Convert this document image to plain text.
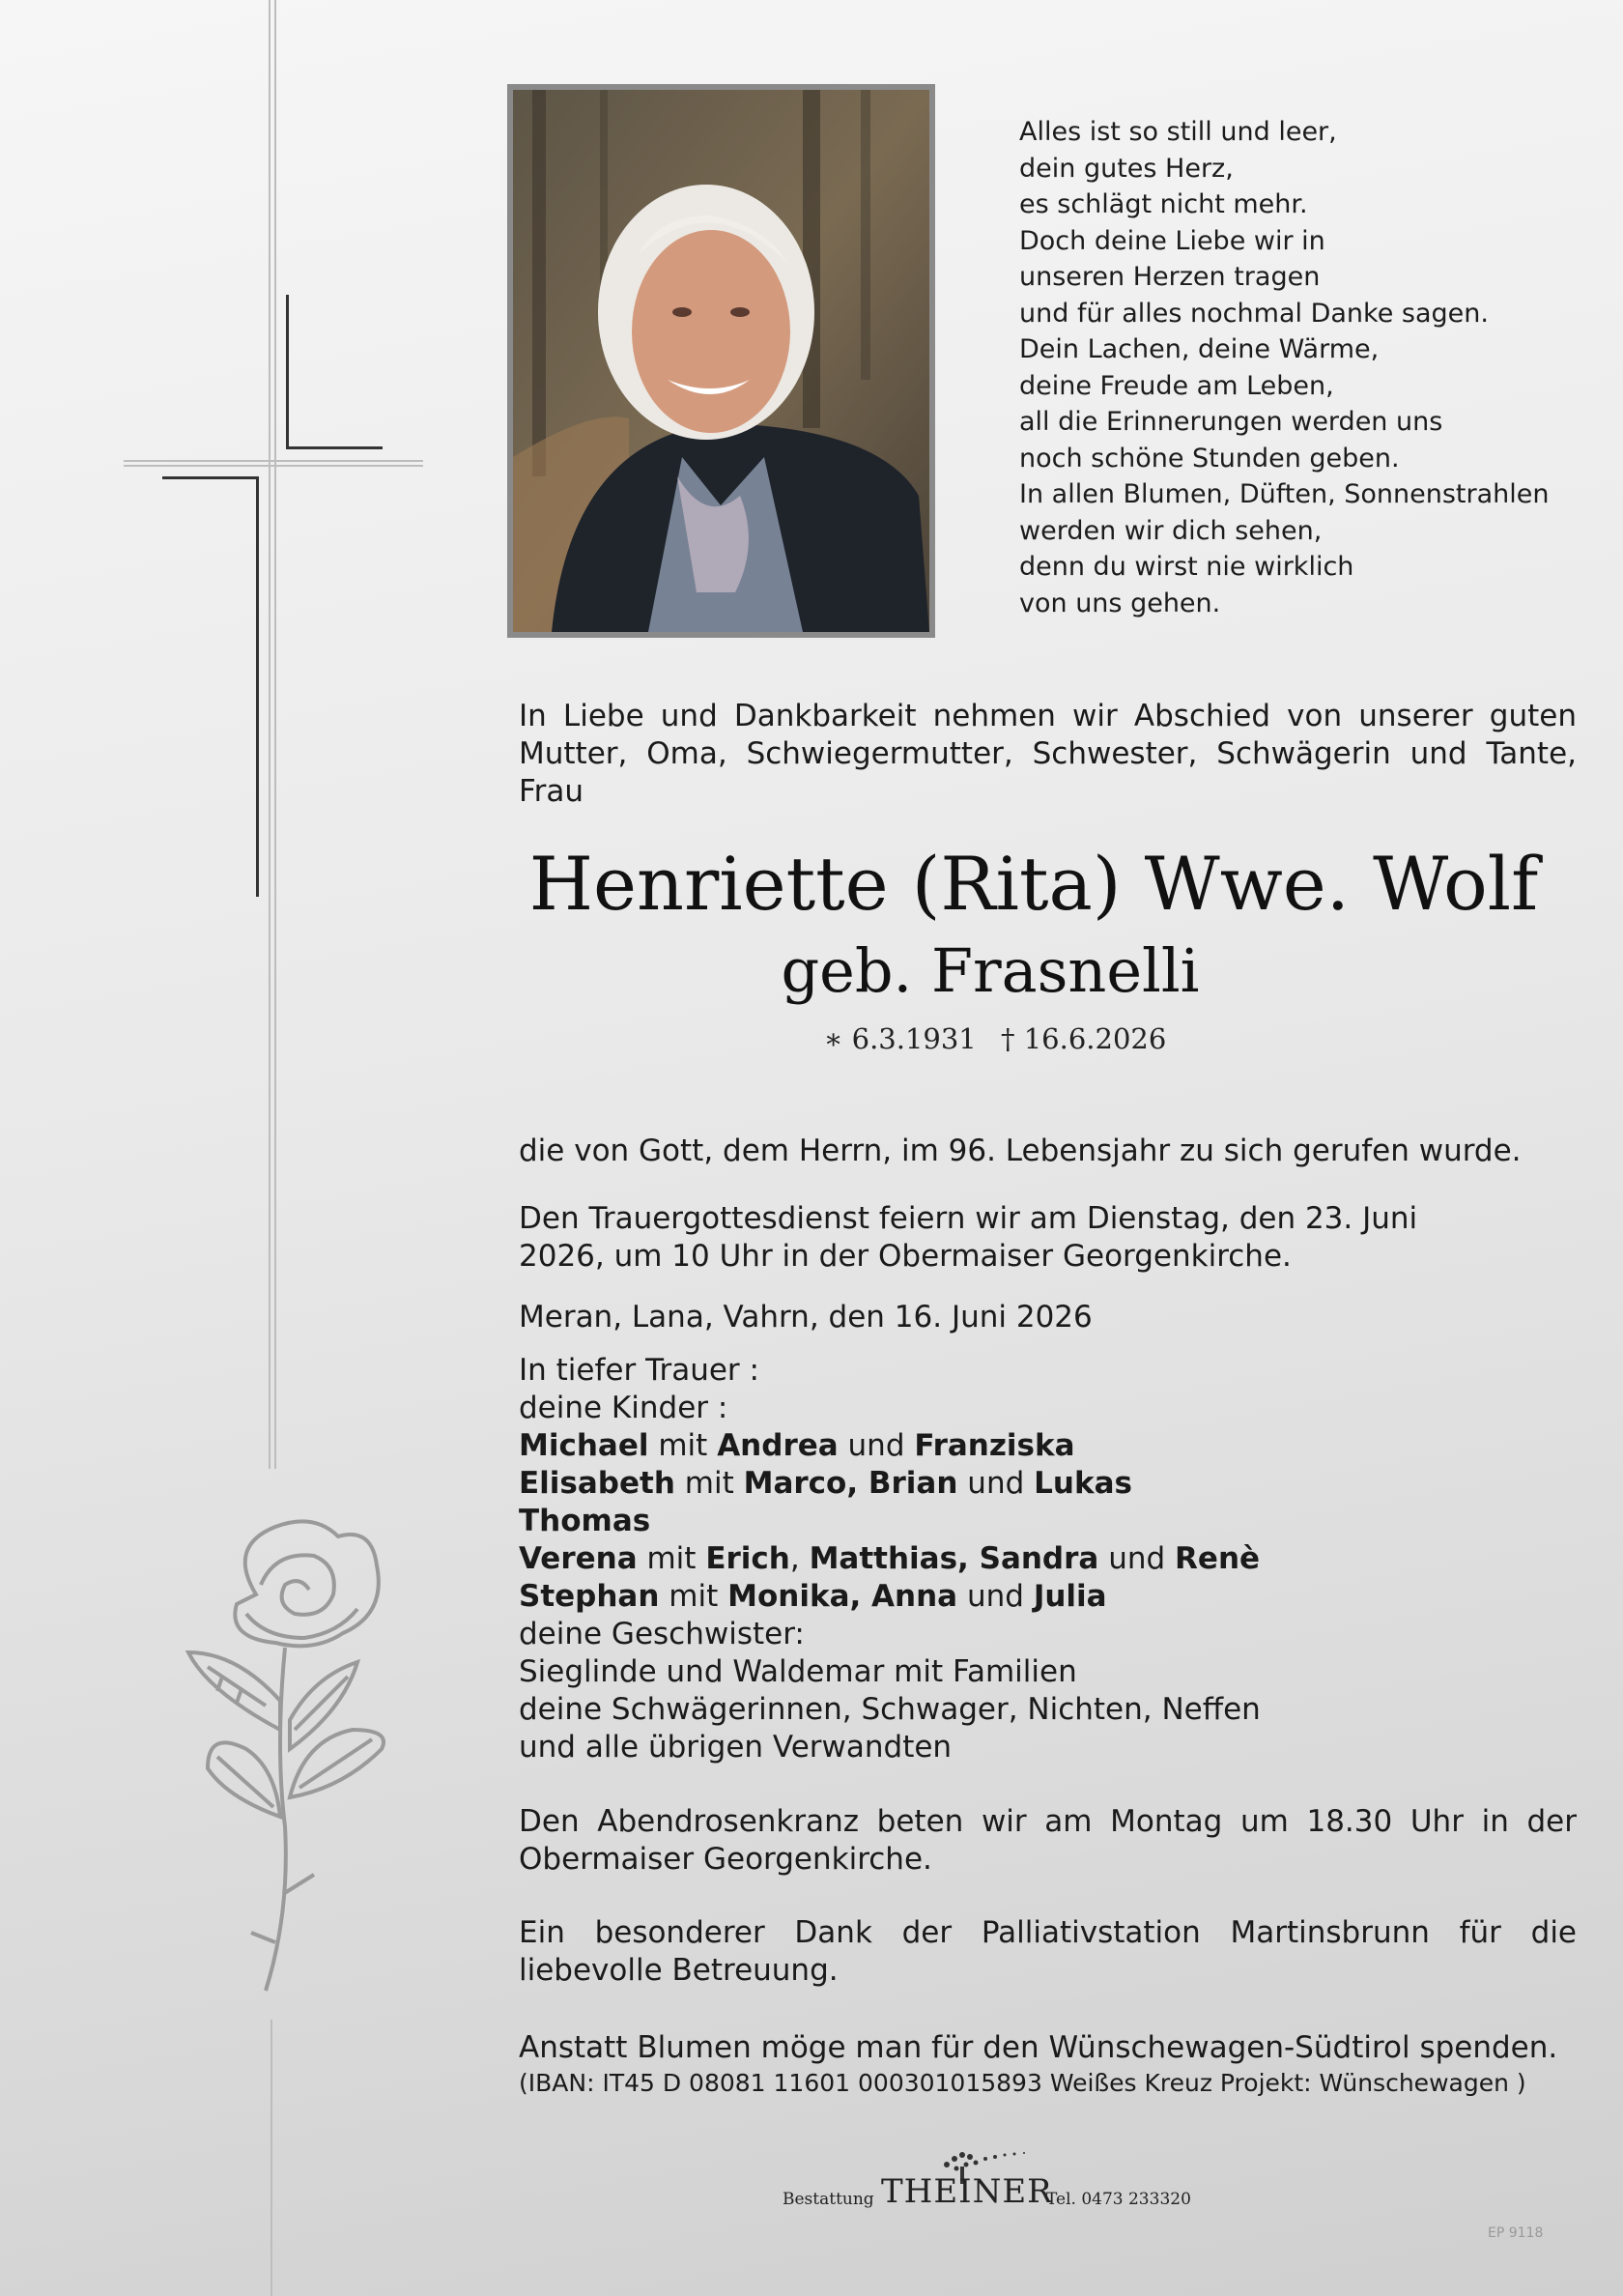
Alles ist so still und leer,
dein gutes Herz,
es schlägt nicht mehr.
Doch deine Liebe wir in
unseren Herzen tragen
und für alles nochmal Danke sagen.
Dein Lachen, deine Wärme,
deine Freude am Leben,
all die Erinnerungen werden uns
noch schöne Stunden geben.
In allen Blumen, Düften, Sonnenstrahlen
werden wir dich sehen,
denn du wirst nie wirklich
von uns gehen.
In Liebe und Dankbarkeit nehmen wir Abschied von unserer guten Mutter, Oma, Schwiegermutter, Schwester, Schwägerin und Tante, Frau
Henriette (Rita) Wwe. Wolf
geb. Frasnelli
∗ 6.3.1931 † 16.6.2026
die von Gott, dem Herrn, im 96. Lebensjahr zu sich gerufen wurde.
Den Trauergottesdienst feiern wir am Dienstag, den 23. Juni 2026, um 10 Uhr in der Obermaiser Georgenkirche.
Meran, Lana, Vahrn, den 16. Juni 2026
In tiefer Trauer :
deine Kinder :
Michael mit Andrea und Franziska
Elisabeth mit Marco, Brian und Lukas
Thomas
Verena mit Erich, Matthias, Sandra und Renè
Stephan mit Monika, Anna und Julia
deine Geschwister:
Sieglinde und Waldemar mit Familien
deine Schwägerinnen, Schwager, Nichten, Neffen
und alle übrigen Verwandten
Den Abendrosenkranz beten wir am Montag um 18.30 Uhr in der Obermaiser Georgenkirche.
Ein besonderer Dank der Palliativstation Martinsbrunn für die liebevolle Betreuung.
Anstatt Blumen möge man für den Wünschewagen-Südtirol spenden.
(IBAN: IT45 D 08081 11601 000301015893 Weißes Kreuz Projekt: Wünschewagen )
Bestattung THEINER
Tel. 0473 233320
EP 9118
